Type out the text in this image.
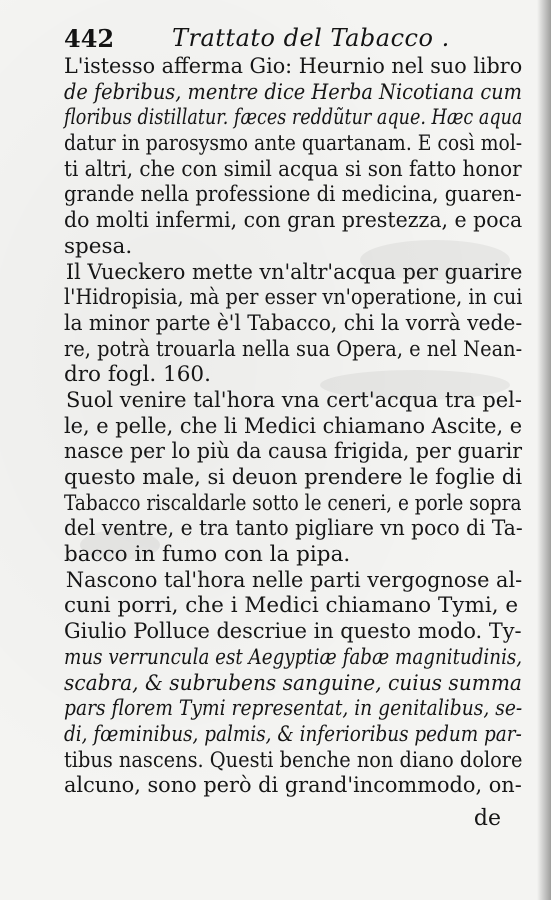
442 Trattato del Tabacco .
L'istesso afferma Gio: Heurnio nel suo libro
de febribus, mentre dice Herba Nicotiana cum
floribus distillatur. fæces reddũtur aque. Hæc aqua
datur in parosysmo ante quartanam. E così mol-
ti altri, che con simil acqua si son fatto honor
grande nella professione di medicina, guaren-
do molti infermi, con gran prestezza, e poca
spesa.
Il Vueckero mette vn'altr'acqua per guarire
l'Hidropisia, mà per esser vn'operatione, in cui
la minor parte è'l Tabacco, chi la vorrà vede-
re, potrà trouarla nella sua Opera, e nel Nean-
dro fogl. 160.
Suol venire tal'hora vna cert'acqua tra pel-
le, e pelle, che li Medici chiamano Ascite, e
nasce per lo più da causa frigida, per guarir
questo male, si deuon prendere le foglie di
Tabacco riscaldarle sotto le ceneri, e porle sopra
del ventre, e tra tanto pigliare vn poco di Ta-
bacco in fumo con la pipa.
Nascono tal'hora nelle parti vergognose al-
cuni porri, che i Medici chiamano Tymi, e
Giulio Polluce descriue in questo modo. Ty-
mus verruncula est Aegyptiæ fabæ magnitudinis,
scabra, & subrubens sanguine, cuius summa
pars florem Tymi representat, in genitalibus, se-
di, fœminibus, palmis, & inferioribus pedum par-
tibus nascens. Questi benche non diano dolore
alcuno, sono però di grand'incommodo, on-
de
